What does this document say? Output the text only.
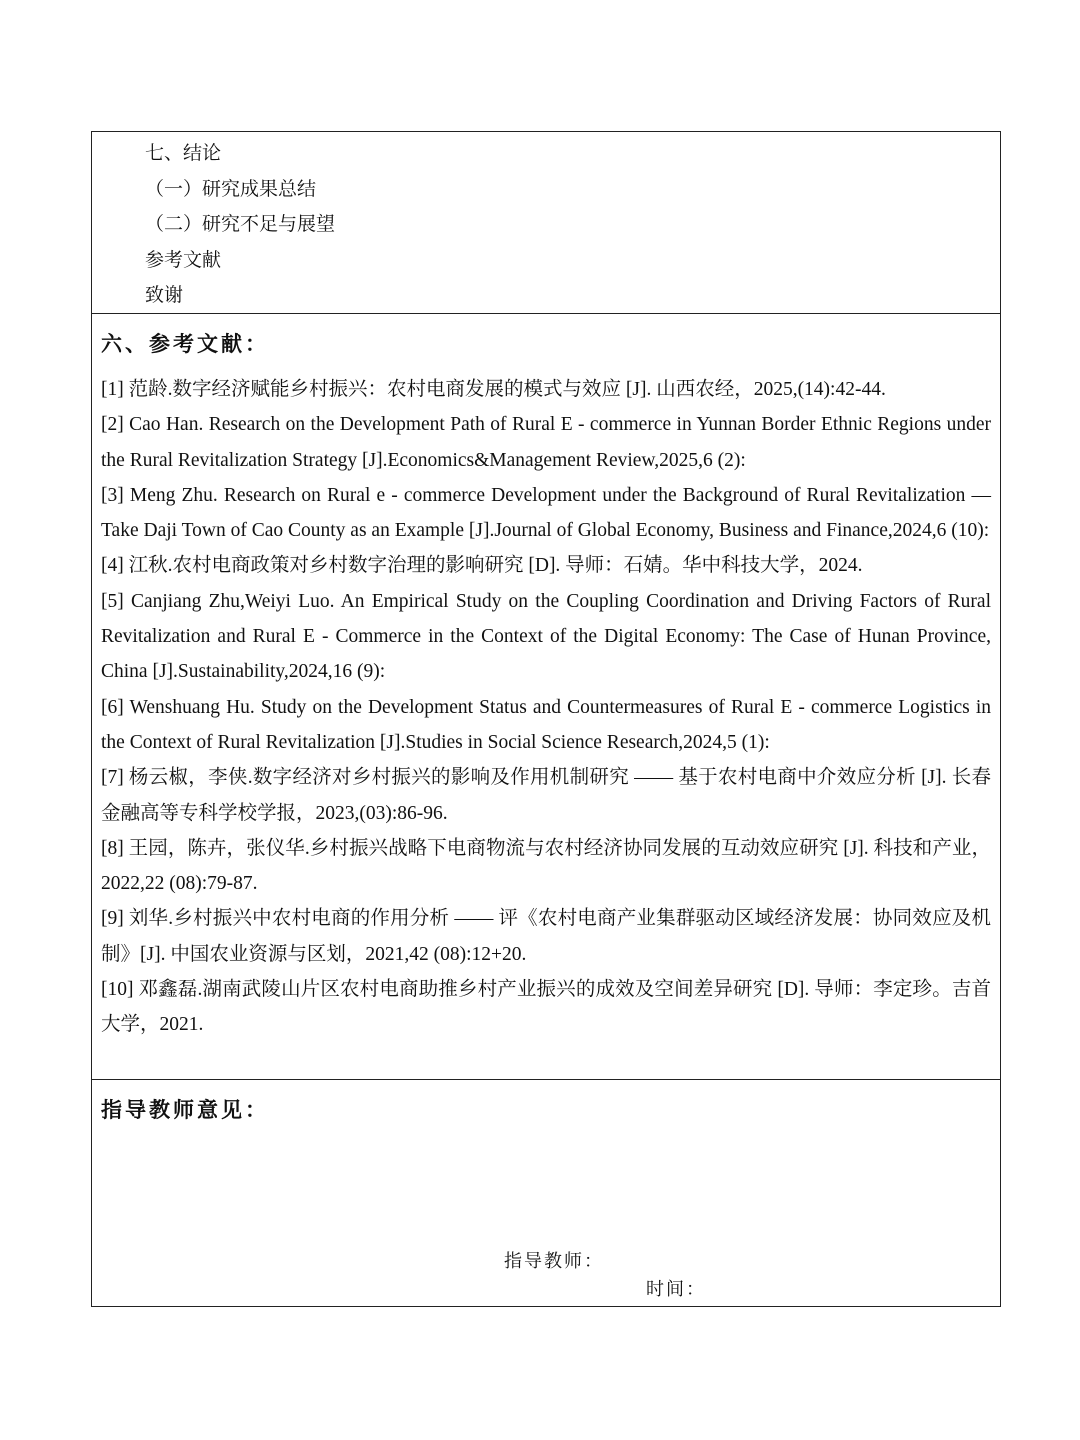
七、结论
（一）研究成果总结
（二）研究不足与展望
参考文献
致谢
六、参考文献：
[1] 范龄.数字经济赋能乡村振兴：农村电商发展的模式与效应 [J]. 山西农经，2025,(14):42-44.
[2] Cao Han. Research on the Development Path of Rural E - commerce in Yunnan Border Ethnic Regions under the Rural Revitalization Strategy [J].Economics&Management Review,2025,6 (2):
[3] Meng Zhu. Research on Rural e - commerce Development under the Background of Rural Revitalization — Take Daji Town of Cao County as an Example [J].Journal of Global Economy, Business and Finance,2024,6 (10):
[4] 江秋.农村电商政策对乡村数字治理的影响研究 [D]. 导师：石婧。华中科技大学，2024.
[5] Canjiang Zhu,Weiyi Luo. An Empirical Study on the Coupling Coordination and Driving Factors of Rural Revitalization and Rural E - Commerce in the Context of the Digital Economy: The Case of Hunan Province, China [J].Sustainability,2024,16 (9):
[6] Wenshuang Hu. Study on the Development Status and Countermeasures of Rural E - commerce Logistics in the Context of Rural Revitalization [J].Studies in Social Science Research,2024,5 (1):
[7] 杨云椒，李侠.数字经济对乡村振兴的影响及作用机制研究 —— 基于农村电商中介效应分析 [J]. 长春金融高等专科学校学报，2023,(03):86-96.
[8] 王园，陈卉，张仪华.乡村振兴战略下电商物流与农村经济协同发展的互动效应研究 [J]. 科技和产业，2022,22 (08):79-87.
[9] 刘华.乡村振兴中农村电商的作用分析 —— 评《农村电商产业集群驱动区域经济发展：协同效应及机制》[J]. 中国农业资源与区划，2021,42 (08):12+20.
[10] 邓鑫磊.湖南武陵山片区农村电商助推乡村产业振兴的成效及空间差异研究 [D]. 导师：李定珍。吉首大学，2021.
指导教师意见：
指导教师：
时间：
